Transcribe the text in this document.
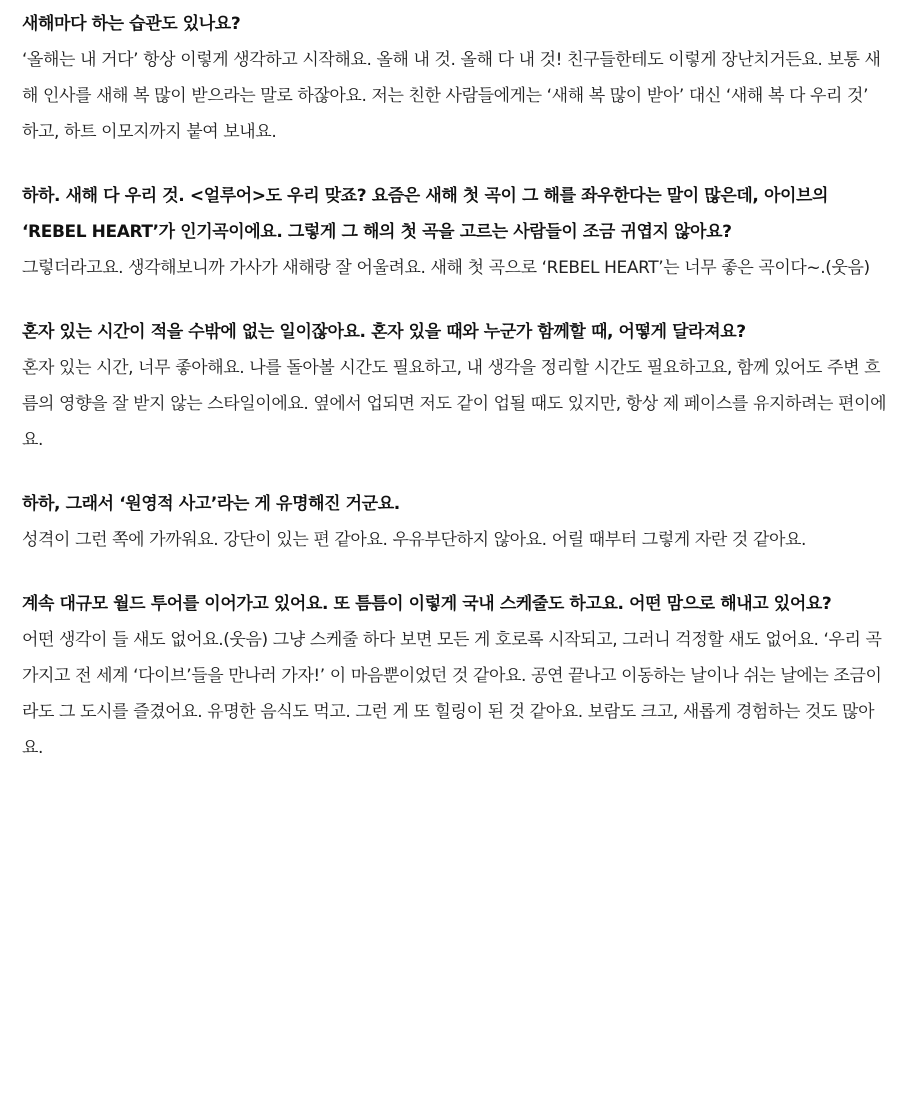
새해마다 하는 습관도 있나요?

‘올해는 내 거다’ 항상 이렇게 생각하고 시작해요. 올해 내 것. 올해 다 내 것! 친구들한테도 이렇게 장난치거든요. 보통 새해 인사를 새해 복 많이 받으라는 말로 하잖아요. 저는 친한 사람들에게는 ‘새해 복 많이 받아’ 대신 ‘새해 복 다 우리 것’ 하고, 하트 이모지까지 붙여 보내요.

하하. 새해 다 우리 것. <얼루어>도 우리 맞죠? 요즘은 새해 첫 곡이 그 해를 좌우한다는 말이 많은데, 아이브의 ‘REBEL HEART’가 인기곡이에요. 그렇게 그 해의 첫 곡을 고르는 사람들이 조금 귀엽지 않아요?

그렇더라고요. 생각해보니까 가사가 새해랑 잘 어울려요. 새해 첫 곡으로 ‘REBEL HEART’는 너무 좋은 곡이다~.(웃음)

혼자 있는 시간이 적을 수밖에 없는 일이잖아요. 혼자 있을 때와 누군가 함께할 때, 어떻게 달라져요?

혼자 있는 시간, 너무 좋아해요. 나를 돌아볼 시간도 필요하고, 내 생각을 정리할 시간도 필요하고요, 함께 있어도 주변 흐름의 영향을 잘 받지 않는 스타일이에요. 옆에서 업되면 저도 같이 업될 때도 있지만, 항상 제 페이스를 유지하려는 편이에요.

하하, 그래서 ‘원영적 사고’라는 게 유명해진 거군요.

성격이 그런 쪽에 가까워요. 강단이 있는 편 같아요. 우유부단하지 않아요. 어릴 때부터 그렇게 자란 것 같아요.

계속 대규모 월드 투어를 이어가고 있어요. 또 틈틈이 이렇게 국내 스케줄도 하고요. 어떤 맘으로 해내고 있어요?

어떤 생각이 들 새도 없어요.(웃음) 그냥 스케줄 하다 보면 모든 게 호로록 시작되고, 그러니 걱정할 새도 없어요. ‘우리 곡 가지고 전 세계 ‘다이브’들을 만나러 가자!’ 이 마음뿐이었던 것 같아요. 공연 끝나고 이동하는 날이나 쉬는 날에는 조금이라도 그 도시를 즐겼어요. 유명한 음식도 먹고. 그런 게 또 힐링이 된 것 같아요. 보람도 크고, 새롭게 경험하는 것도 많아요.
